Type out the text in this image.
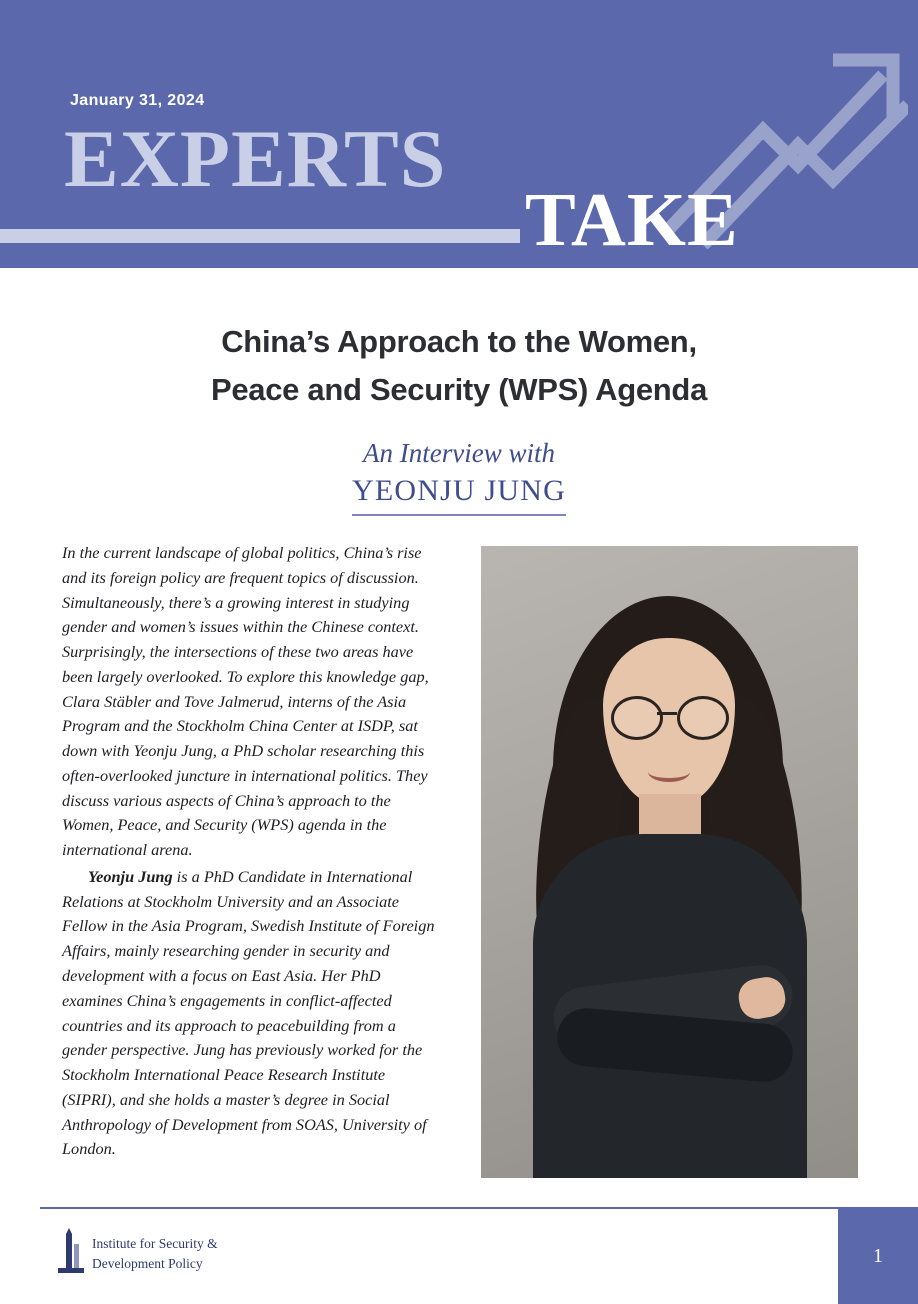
January 31, 2024
EXPERTS
TAKE
China’s Approach to the Women,
Peace and Security (WPS) Agenda
An Interview with
YEONJU JUNG

In the current landscape of global politics, China’s rise and its foreign policy are frequent topics of discussion. Simultaneously, there’s a growing interest in studying gender and women’s issues within the Chinese context. Surprisingly, the intersections of these two areas have been largely overlooked. To explore this knowledge gap, Clara Stäbler and Tove Jalmerud, interns of the Asia Program and the Stockholm China Center at ISDP, sat down with Yeonju Jung, a PhD scholar researching this often-overlooked juncture in international politics. They discuss various aspects of China’s approach to the Women, Peace, and Security (WPS) agenda in the international arena.

Yeonju Jung is a PhD Candidate in International Relations at Stockholm University and an Associate Fellow in the Asia Program, Swedish Institute of Foreign Affairs, mainly researching gender in security and development with a focus on East Asia. Her PhD examines China’s engagements in conflict-affected countries and its approach to peacebuilding from a gender perspective. Jung has previously worked for the Stockholm International Peace Research Institute (SIPRI), and she holds a master’s degree in Social Anthropology of Development from SOAS, University of London.

Institute for Security &
Development Policy	1
